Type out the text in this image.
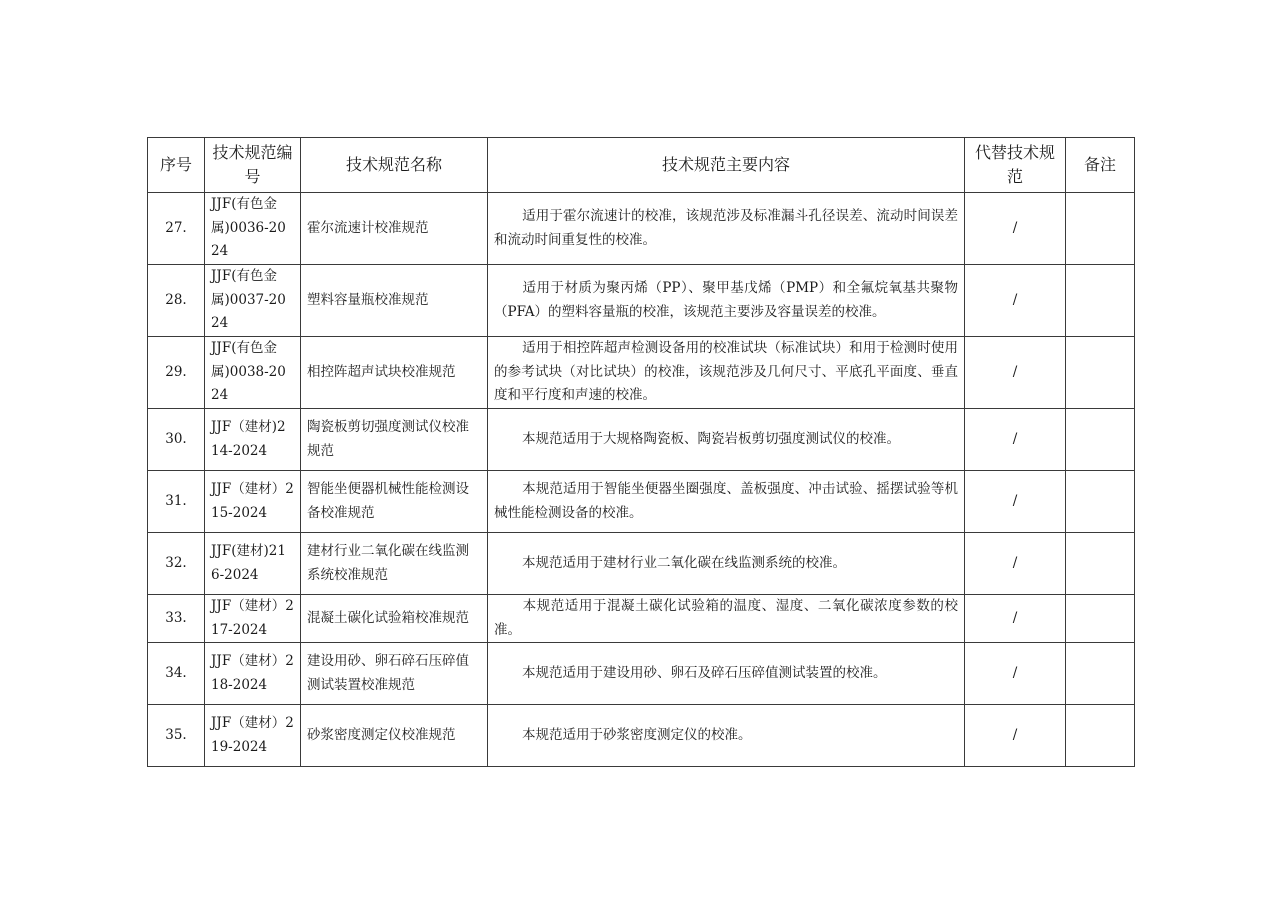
序号	技术规范编号	技术规范名称	技术规范主要内容	代替技术规范	备注
27.	JJF(有色金属)0036-2024	霍尔流速计校准规范	适用于霍尔流速计的校准，该规范涉及标准漏斗孔径误差、流动时间误差和流动时间重复性的校准。	/	
28.	JJF(有色金属)0037-2024	塑料容量瓶校准规范	适用于材质为聚丙烯（PP）、聚甲基戊烯（PMP）和全氟烷氧基共聚物（PFA）的塑料容量瓶的校准，该规范主要涉及容量误差的校准。	/	
29.	JJF(有色金属)0038-2024	相控阵超声试块校准规范	适用于相控阵超声检测设备用的校准试块（标准试块）和用于检测时使用的参考试块（对比试块）的校准，该规范涉及几何尺寸、平底孔平面度、垂直度和平行度和声速的校准。	/	
30.	JJF（建材)214-2024	陶瓷板剪切强度测试仪校准规范	本规范适用于大规格陶瓷板、陶瓷岩板剪切强度测试仪的校准。	/	
31.	JJF（建材）215-2024	智能坐便器机械性能检测设备校准规范	本规范适用于智能坐便器坐圈强度、盖板强度、冲击试验、摇摆试验等机械性能检测设备的校准。	/	
32.	JJF(建材)216-2024	建材行业二氧化碳在线监测系统校准规范	本规范适用于建材行业二氧化碳在线监测系统的校准。	/	
33.	JJF（建材）217-2024	混凝土碳化试验箱校准规范	本规范适用于混凝土碳化试验箱的温度、湿度、二氧化碳浓度参数的校准。	/	
34.	JJF（建材）218-2024	建设用砂、卵石碎石压碎值测试装置校准规范	本规范适用于建设用砂、卵石及碎石压碎值测试装置的校准。	/	
35.	JJF（建材）219-2024	砂浆密度测定仪校准规范	本规范适用于砂浆密度测定仪的校准。	/	
